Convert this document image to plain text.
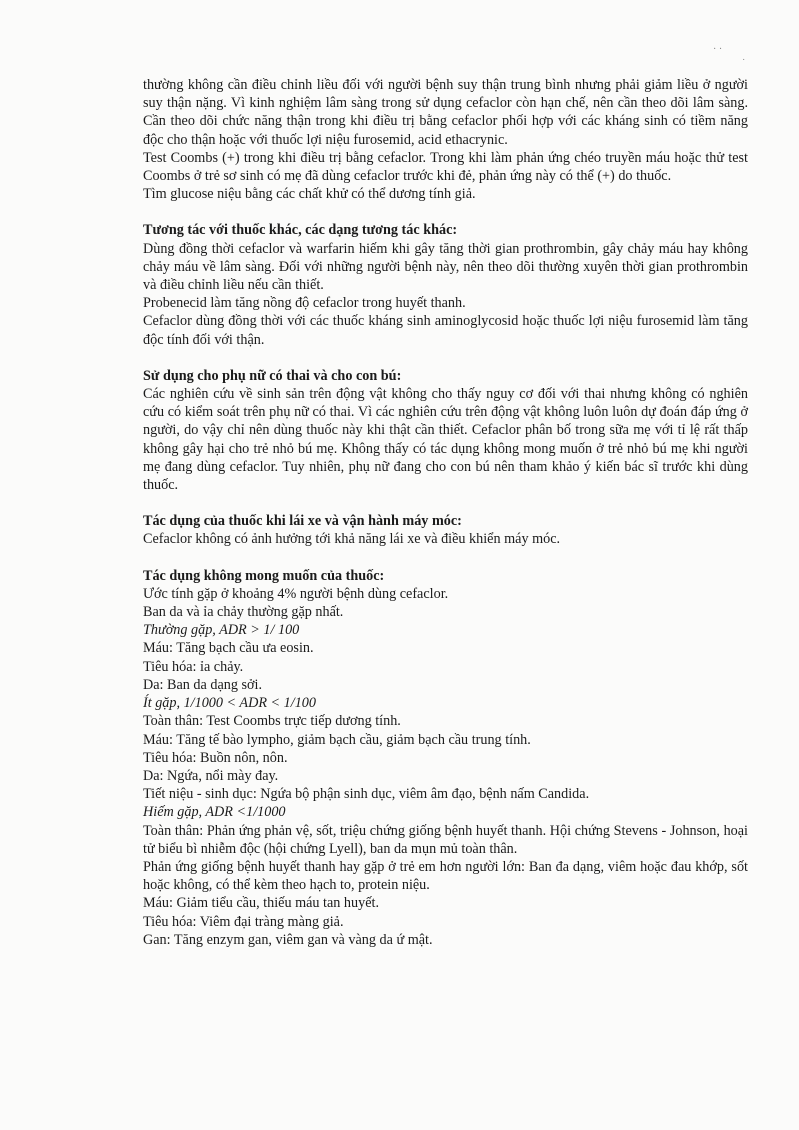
· ·
˙

thường không cần điều chỉnh liều đối với người bệnh suy thận trung bình nhưng phải giảm liều ở người suy thận nặng. Vì kinh nghiệm lâm sàng trong sử dụng cefaclor còn hạn chế, nên cần theo dõi lâm sàng. Cần theo dõi chức năng thận trong khi điều trị bằng cefaclor phối hợp với các kháng sinh có tiềm năng độc cho thận hoặc với thuốc lợi niệu furosemid, acid ethacrynic.

Test Coombs (+) trong khi điều trị bằng cefaclor. Trong khi làm phản ứng chéo truyền máu hoặc thử test Coombs ở trẻ sơ sinh có mẹ đã dùng cefaclor trước khi đẻ, phản ứng này có thể (+) do thuốc.

Tìm glucose niệu bằng các chất khử có thể dương tính giả.

Tương tác với thuốc khác, các dạng tương tác khác:

Dùng đồng thời cefaclor và warfarin hiếm khi gây tăng thời gian prothrombin, gây chảy máu hay không chảy máu về lâm sàng. Đối với những người bệnh này, nên theo dõi thường xuyên thời gian prothrombin và điều chỉnh liều nếu cần thiết.

Probenecid làm tăng nồng độ cefaclor trong huyết thanh.

Cefaclor dùng đồng thời với các thuốc kháng sinh aminoglycosid hoặc thuốc lợi niệu furosemid làm tăng độc tính đối với thận.

Sử dụng cho phụ nữ có thai và cho con bú:

Các nghiên cứu về sinh sản trên động vật không cho thấy nguy cơ đối với thai nhưng không có nghiên cứu có kiểm soát trên phụ nữ có thai. Vì các nghiên cứu trên động vật không luôn luôn dự đoán đáp ứng ở người, do vậy chỉ nên dùng thuốc này khi thật cần thiết. Cefaclor phân bố trong sữa mẹ với tỉ lệ rất thấp không gây hại cho trẻ nhỏ bú mẹ. Không thấy có tác dụng không mong muốn ở trẻ nhỏ bú mẹ khi người mẹ đang dùng cefaclor. Tuy nhiên, phụ nữ đang cho con bú nên tham khảo ý kiến bác sĩ trước khi dùng thuốc.

Tác dụng của thuốc khi lái xe và vận hành máy móc:

Cefaclor không có ảnh hưởng tới khả năng lái xe và điều khiển máy móc.

Tác dụng không mong muốn của thuốc:

Ước tính gặp ở khoảng 4% người bệnh dùng cefaclor.
Ban da và ỉa chảy thường gặp nhất.
Thường gặp, ADR > 1/ 100
Máu: Tăng bạch cầu ưa eosin.
Tiêu hóa: ỉa chảy.
Da: Ban da dạng sởi.
Ít gặp, 1/1000 < ADR < 1/100
Toàn thân: Test Coombs trực tiếp dương tính.
Máu: Tăng tế bào lympho, giảm bạch cầu, giảm bạch cầu trung tính.
Tiêu hóa: Buồn nôn, nôn.
Da: Ngứa, nổi mày đay.
Tiết niệu - sinh dục: Ngứa bộ phận sinh dục, viêm âm đạo, bệnh nấm Candida.
Hiếm gặp, ADR <1/1000

Toàn thân: Phản ứng phản vệ, sốt, triệu chứng giống bệnh huyết thanh. Hội chứng Stevens - Johnson, hoại tử biểu bì nhiễm độc (hội chứng Lyell), ban da mụn mủ toàn thân.

Phản ứng giống bệnh huyết thanh hay gặp ở trẻ em hơn người lớn: Ban đa dạng, viêm hoặc đau khớp, sốt hoặc không, có thể kèm theo hạch to, protein niệu.

Máu: Giảm tiểu cầu, thiếu máu tan huyết.
Tiêu hóa: Viêm đại tràng màng giả.
Gan: Tăng enzym gan, viêm gan và vàng da ứ mật.
